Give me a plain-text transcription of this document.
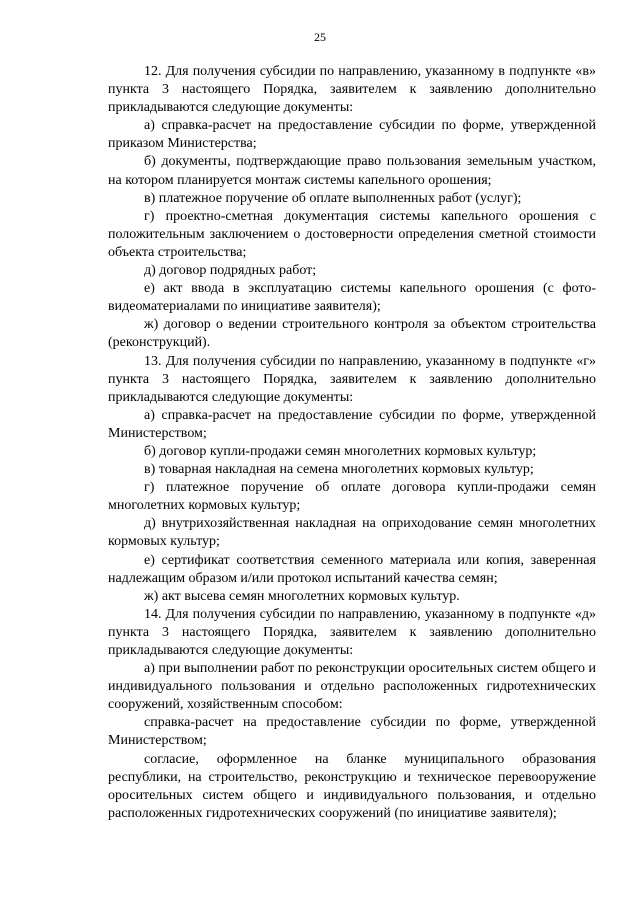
25

12. Для получения субсидии по направлению, указанному в подпункте «в» пункта 3 настоящего Порядка, заявителем к заявлению дополнительно прикладываются следующие документы:

а) справка-расчет на предоставление субсидии по форме, утвержденной приказом Министерства;

б) документы, подтверждающие право пользования земельным участком, на котором планируется монтаж системы капельного орошения;

в) платежное поручение об оплате выполненных работ (услуг);

г) проектно-сметная документация системы капельного орошения с положительным заключением о достоверности определения сметной стоимости объекта строительства;

д) договор подрядных работ;

е) акт ввода в эксплуатацию системы капельного орошения (с фото-видеоматериалами по инициативе заявителя);

ж) договор о ведении строительного контроля за объектом строительства (реконструкций).

13. Для получения субсидии по направлению, указанному в подпункте «г» пункта 3 настоящего Порядка, заявителем к заявлению дополнительно прикладываются следующие документы:

а) справка-расчет на предоставление субсидии по форме, утвержденной Министерством;

б) договор купли-продажи семян многолетних кормовых культур;

в) товарная накладная на семена многолетних кормовых культур;

г) платежное поручение об оплате договора купли-продажи семян многолетних кормовых культур;

д) внутрихозяйственная накладная на оприходование семян многолетних кормовых культур;

е) сертификат соответствия семенного материала или копия, заверенная надлежащим образом и/или протокол испытаний качества семян;

ж) акт высева семян многолетних кормовых культур.

14. Для получения субсидии по направлению, указанному в подпункте «д» пункта 3 настоящего Порядка, заявителем к заявлению дополнительно прикладываются следующие документы:

а) при выполнении работ по реконструкции оросительных систем общего и индивидуального пользования и отдельно расположенных гидротехнических сооружений, хозяйственным способом:

справка-расчет на предоставление субсидии по форме, утвержденной Министерством;

согласие, оформленное на бланке муниципального образования республики, на строительство, реконструкцию и техническое перевооружение оросительных систем общего и индивидуального пользования, и отдельно расположенных гидротехнических сооружений (по инициативе заявителя);
